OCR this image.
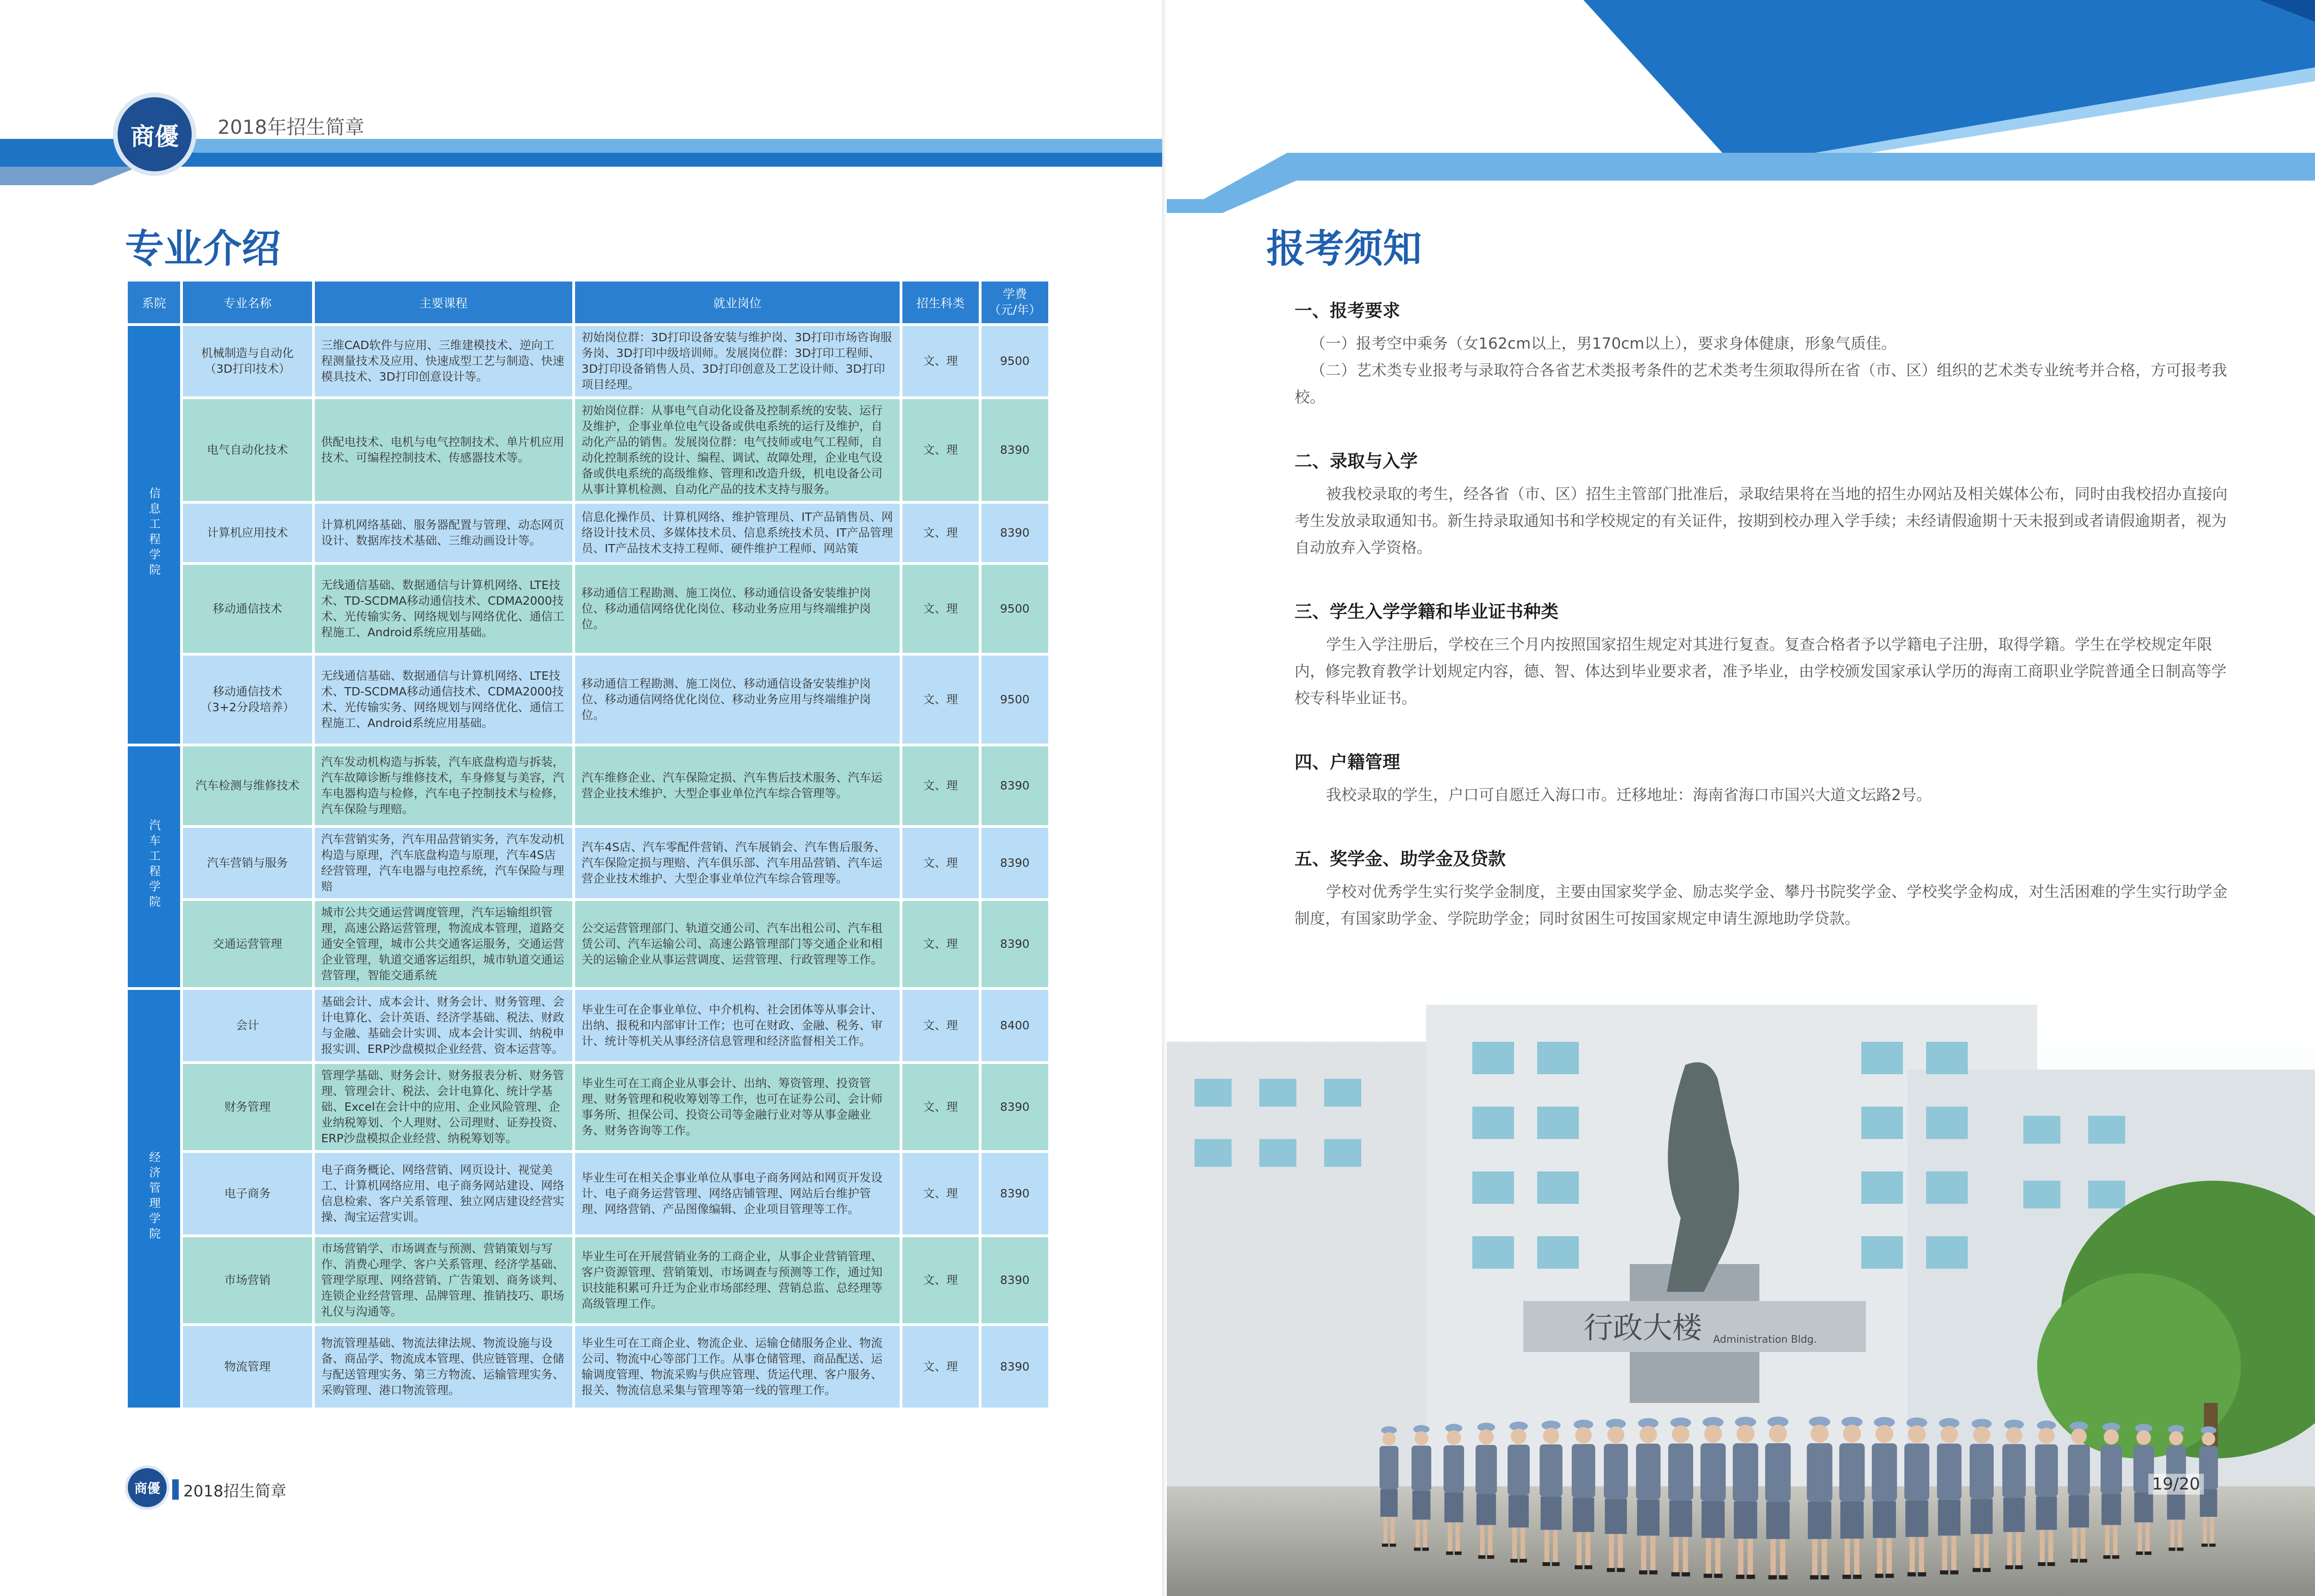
商優 2018年招生简章
专业介绍
系院	专业名称	主要课程	就业岗位	招生科类	学费
（元/年）
信息工程学院	机械制造与自动化
（3D打印技术）	三维CAD软件与应用、三维建模技术、逆向工程测量技术及应用、快速成型工艺与制造、快速模具技术、3D打印创意设计等。	初始岗位群：3D打印设备安装与维护岗、3D打印市场咨询服务岗、3D打印中级培训师。发展岗位群：3D打印工程师、3D打印设备销售人员、3D打印创意及工艺设计师、3D打印项目经理。	文、理	9500
	电气自动化技术	供配电技术、电机与电气控制技术、单片机应用技术、可编程控制技术、传感器技术等。	初始岗位群：从事电气自动化设备及控制系统的安装、运行及维护，企事业单位电气设备或供电系统的运行及维护，自动化产品的销售。发展岗位群：电气技师或电气工程师，自动化控制系统的设计、编程、调试、故障处理，企业电气设备或供电系统的高级维修、管理和改造升级，机电设备公司从事计算机检测、自动化产品的技术支持与服务。	文、理	8390
	计算机应用技术	计算机网络基础、服务器配置与管理、动态网页设计、数据库技术基础、三维动画设计等。	信息化操作员、计算机网络、维护管理员、IT产品销售员、网络设计技术员、多媒体技术员、信息系统技术员、IT产品管理员、IT产品技术支持工程师、硬件维护工程师、网站策	文、理	8390
	移动通信技术	无线通信基础、数据通信与计算机网络、LTE技术、TD-SCDMA移动通信技术、CDMA2000技术、光传输实务、网络规划与网络优化、通信工程施工、Android系统应用基础。	移动通信工程勘测、施工岗位、移动通信设备安装维护岗位、移动通信网络优化岗位、移动业务应用与终端维护岗位。	文、理	9500
	移动通信技术
（3+2分段培养）	无线通信基础、数据通信与计算机网络、LTE技术、TD-SCDMA移动通信技术、CDMA2000技术、光传输实务、网络规划与网络优化、通信工程施工、Android系统应用基础。	移动通信工程勘测、施工岗位、移动通信设备安装维护岗位、移动通信网络优化岗位、移动业务应用与终端维护岗位。	文、理	9500
汽车工程学院	汽车检测与维修技术	汽车发动机构造与拆装，汽车底盘构造与拆装，汽车故障诊断与维修技术，车身修复与美容，汽车电器构造与检修，汽车电子控制技术与检修，汽车保险与理赔。	汽车维修企业、汽车保险定损、汽车售后技术服务、汽车运营企业技术维护、大型企事业单位汽车综合管理等。	文、理	8390
	汽车营销与服务	汽车营销实务，汽车用品营销实务，汽车发动机构造与原理，汽车底盘构造与原理，汽车4S店经营管理，汽车电器与电控系统，汽车保险与理赔	汽车4S店、汽车零配件营销、汽车展销会、汽车售后服务、汽车保险定损与理赔、汽车俱乐部、汽车用品营销、汽车运营企业技术维护、大型企事业单位汽车综合管理等。	文、理	8390
	交通运营管理	城市公共交通运营调度管理，汽车运输组织管理，高速公路运营管理，物流成本管理，道路交通安全管理，城市公共交通客运服务，交通运营企业管理，轨道交通客运组织，城市轨道交通运营管理，智能交通系统	公交运营管理部门、轨道交通公司、汽车出租公司、汽车租赁公司、汽车运输公司、高速公路管理部门等交通企业和相关的运输企业从事运营调度、运营管理、行政管理等工作。	文、理	8390
经济管理学院	会计	基础会计、成本会计、财务会计、财务管理、会计电算化、会计英语、经济学基础、税法、财政与金融、基础会计实训、成本会计实训、纳税申报实训、ERP沙盘模拟企业经营、资本运营等。	毕业生可在企事业单位、中介机构、社会团体等从事会计、出纳、报税和内部审计工作；也可在财政、金融、税务、审计、统计等机关从事经济信息管理和经济监督相关工作。	文、理	8400
	财务管理	管理学基础、财务会计、财务报表分析、财务管理、管理会计、税法、会计电算化、统计学基础、Excel在会计中的应用、企业风险管理、企业纳税筹划、个人理财、公司理财、证券投资、ERP沙盘模拟企业经营、纳税筹划等。	毕业生可在工商企业从事会计、出纳、筹资管理、投资管理、财务管理和税收筹划等工作，也可在证券公司、会计师事务所、担保公司、投资公司等金融行业对等从事金融业务、财务咨询等工作。	文、理	8390
	电子商务	电子商务概论、网络营销、网页设计、视觉美工、计算机网络应用、电子商务网站建设、网络信息检索、客户关系管理、独立网店建设经营实操、淘宝运营实训。	毕业生可在相关企事业单位从事电子商务网站和网页开发设计、电子商务运营管理、网络店铺管理、网站后台维护管理、网络营销、产品图像编辑、企业项目管理等工作。	文、理	8390
	市场营销	市场营销学、市场调查与预测、营销策划与写作、消费心理学、客户关系管理、经济学基础、管理学原理、网络营销、广告策划、商务谈判、连锁企业经营管理、品牌管理、推销技巧、职场礼仪与沟通等。	毕业生可在开展营销业务的工商企业，从事企业营销管理、客户资源管理、营销策划、市场调查与预测等工作，通过知识技能积累可升迁为企业市场部经理、营销总监、总经理等高级管理工作。	文、理	8390
	物流管理	物流管理基础、物流法律法规、物流设施与设备、商品学、物流成本管理、供应链管理、仓储与配送管理实务、第三方物流、运输管理实务、采购管理、港口物流管理。	毕业生可在工商企业、物流企业、运输仓储服务企业、物流公司、物流中心等部门工作。从事仓储管理、商品配送、运输调度管理、物流采购与供应管理、货运代理、客户服务、报关、物流信息采集与管理等第一线的管理工作。	文、理	8390
商優 2018招生简章
报考须知
一、报考要求
（一）报考空中乘务（女162cm以上，男170cm以上），要求身体健康，形象气质佳。
（二）艺术类专业报考与录取符合各省艺术类报考条件的艺术类考生须取得所在省（市、区）组织的艺术类专业统考并合格，方可报考我校。
二、录取与入学
被我校录取的考生，经各省（市、区）招生主管部门批准后，录取结果将在当地的招生办网站及相关媒体公布，同时由我校招办直接向考生发放录取通知书。新生持录取通知书和学校规定的有关证件，按期到校办理入学手续；未经请假逾期十天未报到或者请假逾期者，视为自动放弃入学资格。
三、学生入学学籍和毕业证书种类
学生入学注册后，学校在三个月内按照国家招生规定对其进行复查。复查合格者予以学籍电子注册，取得学籍。学生在学校规定年限内，修完教育教学计划规定内容，德、智、体达到毕业要求者，准予毕业，由学校颁发国家承认学历的海南工商职业学院普通全日制高等学校专科毕业证书。
四、户籍管理
我校录取的学生，户口可自愿迁入海口市。迁移地址：海南省海口市国兴大道文坛路2号。
五、奖学金、助学金及贷款
学校对优秀学生实行奖学金制度，主要由国家奖学金、励志奖学金、攀丹书院奖学金、学校奖学金构成，对生活困难的学生实行助学金制度，有国家助学金、学院助学金；同时贫困生可按国家规定申请生源地助学贷款。
行政大楼 Administration Bldg.
19/20
